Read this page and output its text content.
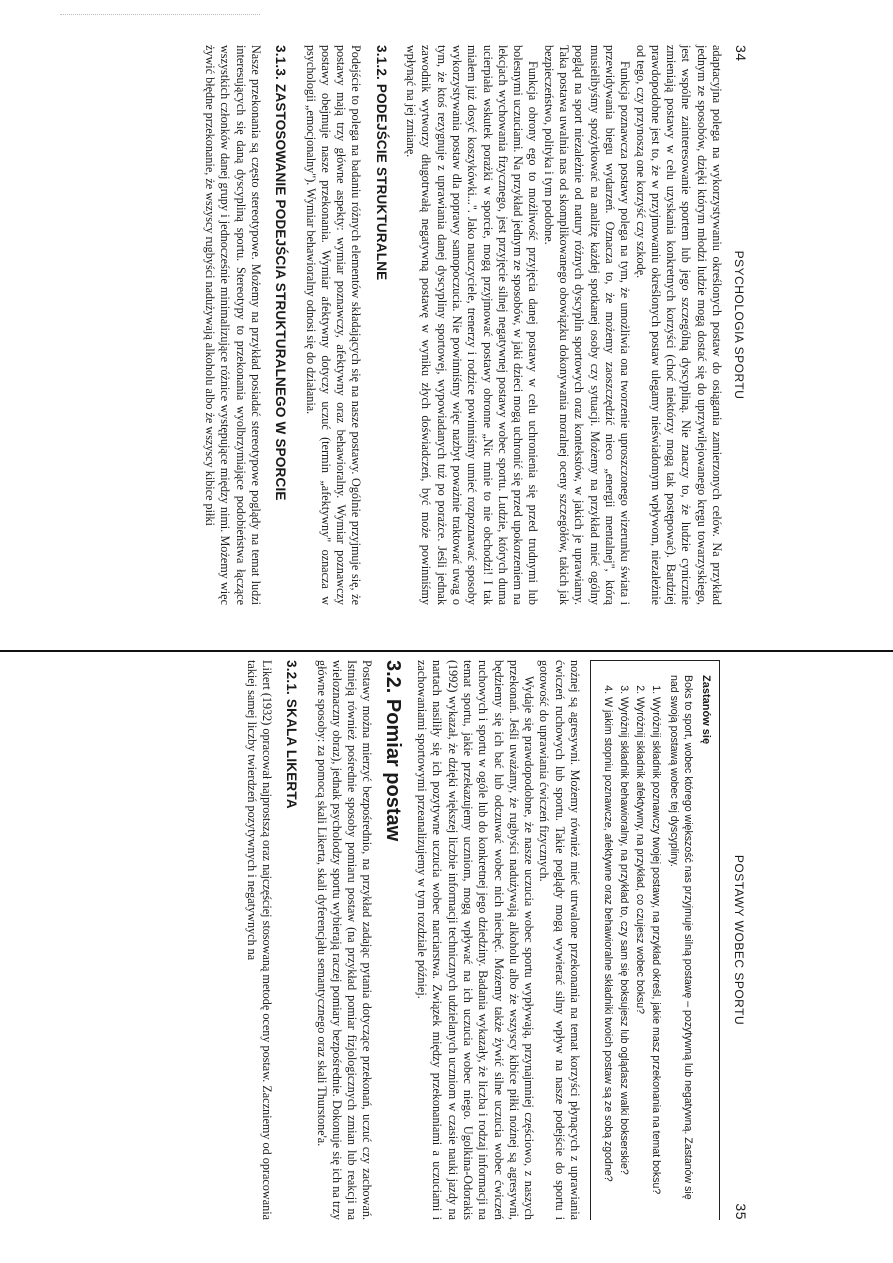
34
PSYCHOLOGIA SPORTU

adaptacyjna polega na wykorzystywaniu określonych postaw do osiągania zamierzonych celów. Na przykład jednym ze sposobów, dzięki którym młodzi ludzie mogą dostać się do uprzywilejowanego kręgu towarzyskiego, jest wspólne zainteresowanie sportem lub jego szczególną dyscypliną. Nie znaczy to, że ludzie cynicznie zmieniają postawy w celu uzyskania konkretnych korzyści (choć niektórzy mogą tak postępować). Bardziej prawdopodobne jest to, że w przyjmowaniu określonych postaw ulegamy nieświadomym wpływom, niezależnie od tego, czy przynoszą one korzyść czy szkodę.

Funkcja poznawcza postawy polega na tym, że umożliwia ona tworzenie uproszczonego wizerunku świata i przewidywania biegu wydarzeń. Oznacza to, że możemy zaoszczędzić nieco „energii mentalnej", którą musielibyśmy spożytkować na analizę każdej spotkanej osoby czy sytuacji. Możemy na przykład mieć ogólny pogląd na sport niezależnie od natury różnych dyscyplin sportowych oraz kontekstów, w jakich je uprawiamy. Taka postawa uwalnia nas od skomplikowanego obowiązku dokonywania moralnej oceny szczegółów, takich jak bezpieczeństwo, polityka i tym podobne.

Funkcja obrony ego to możliwość przyjęcia danej postawy w celu uchronienia się przed trudnymi lub bolesnymi uczuciami. Na przykład jednym ze sposobów, w jaki dzieci mogą uchronić się przed upokorzeniem na lekcjach wychowania fizycznego, jest przyjęcie silnej negatywnej postawy wobec sportu. Ludzie, których duma ucierpiała wskutek porażki w sporcie, mogą przyjmować postawy obronne „Nic mnie to nie obchodzi! I tak miałem już dosyć koszykówki...". Jako nauczyciele, trenerzy i rodzice powinniśmy umieć rozpoznawać sposoby wykorzystywania postaw dla poprawy samopoczucia. Nie powinniśmy więc nazbyt poważnie traktować uwag o tym, że ktoś rezygnuje z uprawiania danej dyscypliny sportowej, wypowiadanych tuż po porażce. Jeśli jednak zawodnik wytworzy długotrwałą negatywną postawę w wyniku złych doświadczeń, być może powinniśmy wpłynąć na jej zmianę.

3.1.2. PODEJŚCIE STRUKTURALNE

Podejście to polega na badaniu różnych elementów składających się na nasze postawy. Ogólnie przyjmuje się, że postawy mają trzy główne aspekty: wymiar poznawczy, afektywny oraz behawioralny. Wymiar poznawczy postawy obejmuje nasze przekonania. Wymiar afektywny dotyczy uczuć (termin „afektywny" oznacza w psychologii „emocjonalny"). Wymiar behawioralny odnosi się do działania.

3.1.3. ZASTOSOWANIE PODEJŚCIA STRUKTURALNEGO W SPORCIE

Nasze przekonania są często stereotypowe. Możemy na przykład posiadać stereotypowe poglądy na temat ludzi interesujących się daną dyscypliną sportu. Stereotypy to przekonania wyolbrzymiające podobieństwa łączące wszystkich członków danej grupy i jednocześnie minimalizujące różnice występujące między nimi. Możemy więc żywić błędne przekonanie, że wszyscy rugbyści nadużywają alkoholu albo że wszyscy kibice piłki

POSTAWY WOBEC SPORTU
35
Zastanów się
Boks to sport, wobec którego większość nas przyjmuje silną postawę – pozytywną lub negatywną. Zastanów się nad swoją postawą wobec tej dyscypliny.
1. Wyróżnij składnik poznawczy twojej postawy, na przykład określ, jakie masz przekonania na temat boksu?
2. Wyróżnij składnik afektywny, na przykład, co czujesz wobec boksu?
3. Wyróżnij składnik behawioralny, na przykład to, czy sam się boksujesz lub oglądasz walki bokserskie?
4. W jakim stopniu poznawcze, afektywne oraz behawioralne składniki twoich postaw są ze sobą zgodne?

nożnej są agresywni. Możemy również mieć utrwalone przekonania na temat korzyści płynących z uprawiania ćwiczeń ruchowych lub sportu. Takie poglądy mogą wywierać silny wpływ na nasze podejście do sportu i gotowość do uprawiania ćwiczeń fizycznych.

Wydaje się prawdopodobne, że nasze uczucia wobec sportu wypływają, przynajmniej częściowo, z naszych przekonań. Jeśli uważamy, że rugbyści nadużywają alkoholu albo że wszyscy kibice piłki nożnej są agresywni, będziemy się ich bać lub odczuwać wobec nich niechęć. Możemy także żywić silne uczucia wobec ćwiczeń ruchowych i sportu w ogóle lub do konkretnej jego dziedziny. Badania wykazały, że liczba i rodzaj informacji na temat sportu, jakie przekazujemy uczniom, mogą wpływać na ich uczucia wobec niego. Ugolkina-Odorakis (1992) wykazał, że dzięki większej liczbie informacji technicznych udzielanych uczniom w czasie nauki jazdy na nartach nasiliły się ich pozytywne uczucia wobec narciarstwa. Związek między przekonaniami a uczuciami i zachowaniami sportowymi przeanalizujemy w tym rozdziale później.

3.2. Pomiar postaw

Postawy można mierzyć bezpośrednio, na przykład zadając pytania dotyczące przekonań, uczuć czy zachowań. Istnieją również pośrednie sposoby pomiaru postaw (na przykład pomiar fizjologicznych zmian lub reakcji na wieloznaczny obraz), jednak psycholodzy sportu wybierają raczej pomiary bezpośrednie. Dokonuje się ich na trzy główne sposoby: za pomocą skali Likerta, skali dyferencjału semantycznego oraz skali Thurstone'a.

3.2.1. SKALA LIKERTA

Likert (1932) opracował najprostszą oraz najczęściej stosowaną metodę oceny postaw. Zaczniemy od opracowania takiej samej liczby twierdzeń pozytywnych i negatywnych na
